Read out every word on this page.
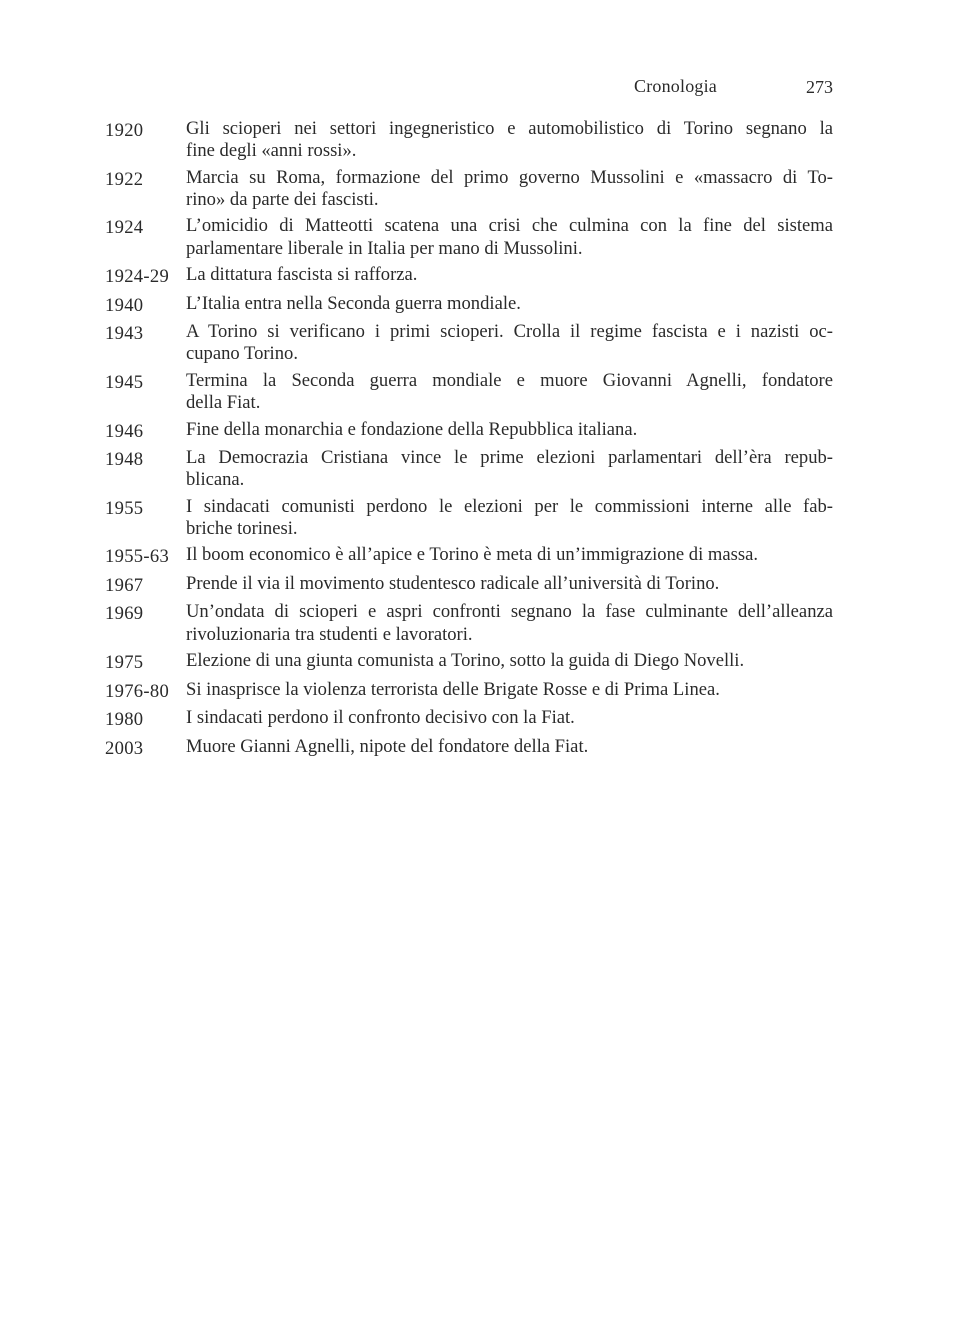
Cronologia	273
1920	Gli scioperi nei settori ingegneristico e automobilistico di Torino segnano la
fine degli «anni rossi».
1922	Marcia su Roma, formazione del primo governo Mussolini e «massacro di To-
rino» da parte dei fascisti.
1924	L’omicidio di Matteotti scatena una crisi che culmina con la fine del sistema
parlamentare liberale in Italia per mano di Mussolini.
1924-29 La dittatura fascista si rafforza.
1940	L’Italia entra nella Seconda guerra mondiale.
1943	A Torino si verificano i primi scioperi. Crolla il regime fascista e i nazisti oc-
cupano Torino.
1945	Termina la Seconda guerra mondiale e muore Giovanni Agnelli, fondatore
della Fiat.
1946	Fine della monarchia e fondazione della Repubblica italiana.
1948	La Democrazia Cristiana vince le prime elezioni parlamentari dell’èra repub-
blicana.
1955	I sindacati comunisti perdono le elezioni per le commissioni interne alle fab-
briche torinesi.
1955-63 Il boom economico è all’apice e Torino è meta di un’immigrazione di massa.
1967	Prende il via il movimento studentesco radicale all’università di Torino.
1969	Un’ondata di scioperi e aspri confronti segnano la fase culminante dell’alleanza
rivoluzionaria tra studenti e lavoratori.
1975	Elezione di una giunta comunista a Torino, sotto la guida di Diego Novelli.
1976-80 Si inasprisce la violenza terrorista delle Brigate Rosse e di Prima Linea.
1980	I sindacati perdono il confronto decisivo con la Fiat.
2003	Muore Gianni Agnelli, nipote del fondatore della Fiat.
